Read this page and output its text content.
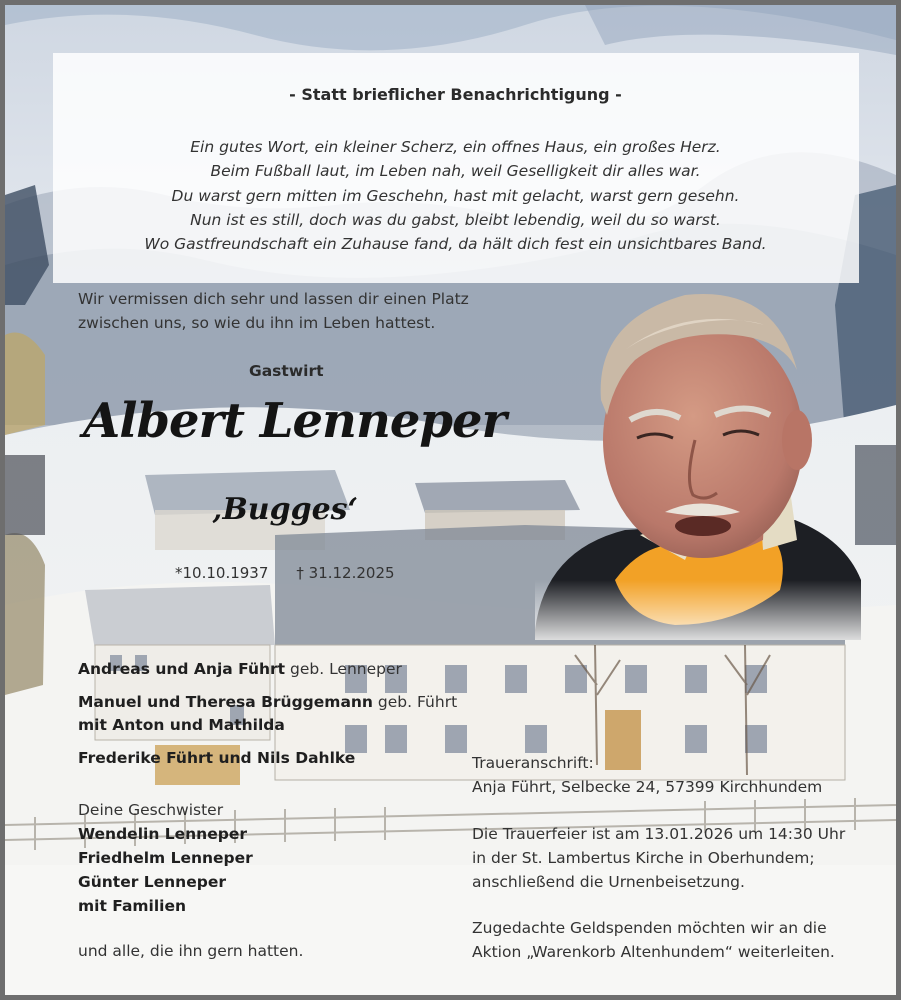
- Statt brieflicher Benachrichtigung -
Ein gutes Wort, ein kleiner Scherz, ein offnes Haus, ein großes Herz.
Beim Fußball laut, im Leben nah, weil Geselligkeit dir alles war.
Du warst gern mitten im Geschehn, hast mit gelacht, warst gern gesehn.
Nun ist es still, doch was du gabst, bleibt lebendig, weil du so warst.
Wo Gastfreundschaft ein Zuhause fand, da hält dich fest ein unsichtbares Band.
Wir vermissen dich sehr und lassen dir einen Platz
zwischen uns, so wie du ihn im Leben hattest.
Gastwirt
Albert Lenneper
‚Bugges‘
*10.10.1937 † 31.12.2025
Andreas und Anja Führt geb. Lenneper
Manuel und Theresa Brüggemann geb. Führt
mit Anton und Mathilda
Frederike Führt und Nils Dahlke
Deine Geschwister
Wendelin Lenneper
Friedhelm Lenneper
Günter Lenneper
mit Familien
und alle, die ihn gern hatten.
Traueranschrift:
Anja Führt, Selbecke 24, 57399 Kirchhundem
Die Trauerfeier ist am 13.01.2026 um 14:30 Uhr
in der St. Lambertus Kirche in Oberhundem;
anschließend die Urnenbeisetzung.
Zugedachte Geldspenden möchten wir an die
Aktion „Warenkorb Altenhundem“ weiterleiten.
